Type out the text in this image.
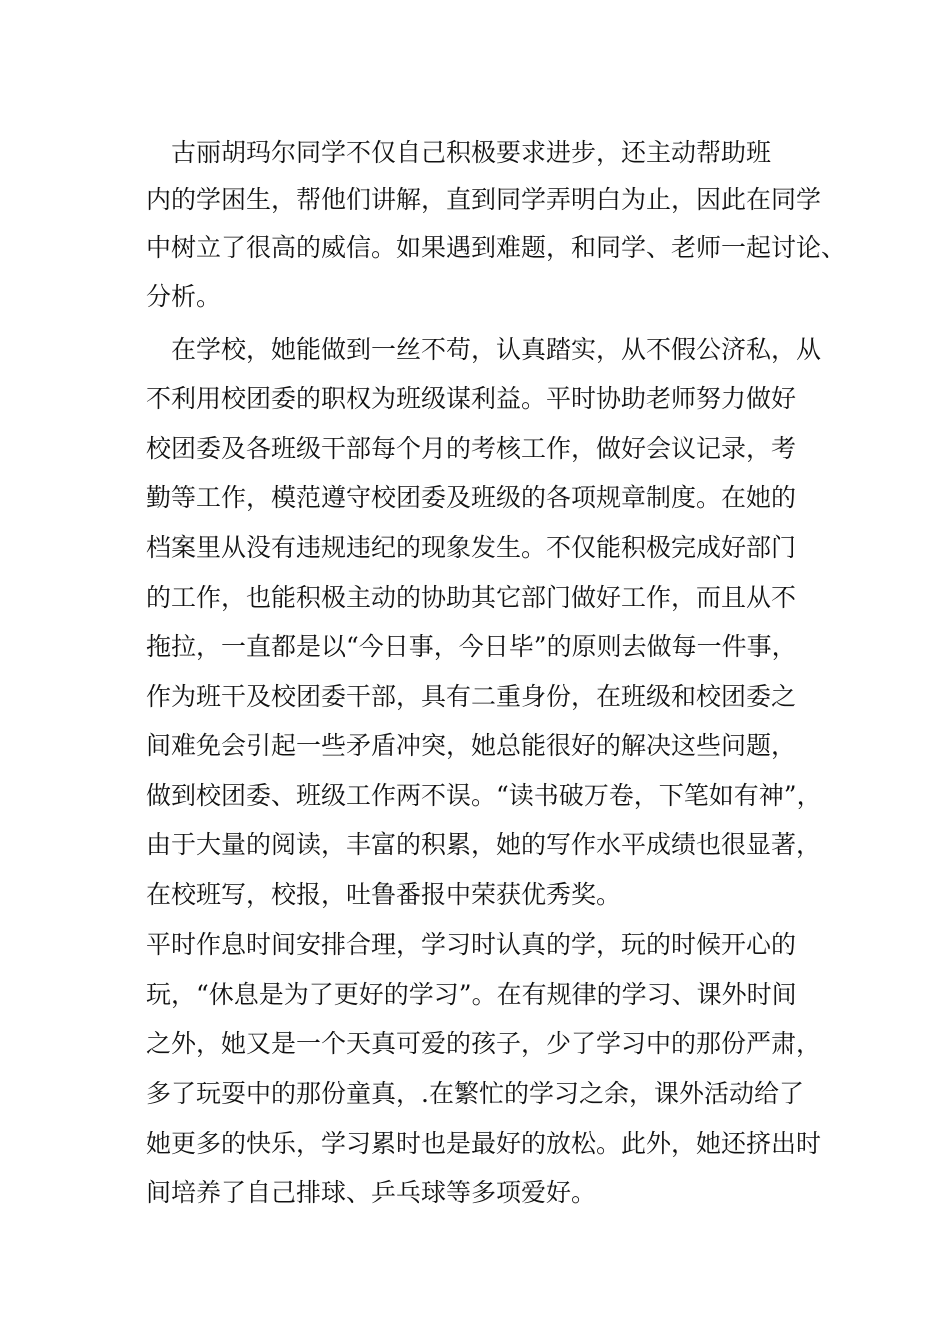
　古丽胡玛尔同学不仅自己积极要求进步，还主动帮助班

内的学困生，帮他们讲解，直到同学弄明白为止，因此在同学

中树立了很高的威信。如果遇到难题，和同学、老师一起讨论、

分析。

　在学校，她能做到一丝不苟，认真踏实，从不假公济私，从

不利用校团委的职权为班级谋利益。平时协助老师努力做好

校团委及各班级干部每个月的考核工作，做好会议记录，考

勤等工作，模范遵守校团委及班级的各项规章制度。在她的

档案里从没有违规违纪的现象发生。不仅能积极完成好部门

的工作，也能积极主动的协助其它部门做好工作，而且从不

拖拉，一直都是以“今日事，今日毕”的原则去做每一件事，

作为班干及校团委干部，具有二重身份，在班级和校团委之

间难免会引起一些矛盾冲突，她总能很好的解决这些问题，

做到校团委、班级工作两不误。“读书破万卷，下笔如有神”，

由于大量的阅读，丰富的积累，她的写作水平成绩也很显著，

在校班写，校报，吐鲁番报中荣获优秀奖。

平时作息时间安排合理，学习时认真的学，玩的时候开心的

玩，“休息是为了更好的学习”。在有规律的学习、课外时间

之外，她又是一个天真可爱的孩子，少了学习中的那份严肃，

多了玩耍中的那份童真，.在繁忙的学习之余，课外活动给了

她更多的快乐，学习累时也是最好的放松。此外，她还挤出时

间培养了自己排球、乒乓球等多项爱好。
